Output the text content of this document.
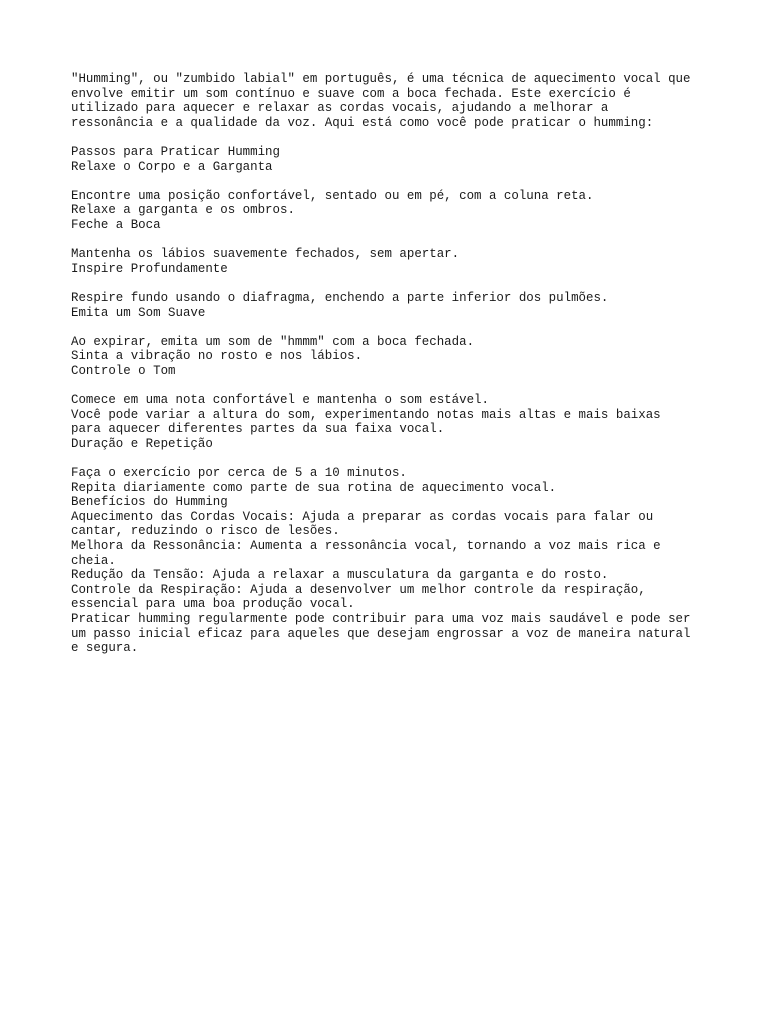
"Humming", ou "zumbido labial" em português, é uma técnica de aquecimento vocal que
envolve emitir um som contínuo e suave com a boca fechada. Este exercício é
utilizado para aquecer e relaxar as cordas vocais, ajudando a melhorar a
ressonância e a qualidade da voz. Aqui está como você pode praticar o humming:
Passos para Praticar Humming
Relaxe o Corpo e a Garganta
Encontre uma posição confortável, sentado ou em pé, com a coluna reta.
Relaxe a garganta e os ombros.
Feche a Boca
Mantenha os lábios suavemente fechados, sem apertar.
Inspire Profundamente
Respire fundo usando o diafragma, enchendo a parte inferior dos pulmões.
Emita um Som Suave
Ao expirar, emita um som de "hmmm" com a boca fechada.
Sinta a vibração no rosto e nos lábios.
Controle o Tom
Comece em uma nota confortável e mantenha o som estável.
Você pode variar a altura do som, experimentando notas mais altas e mais baixas
para aquecer diferentes partes da sua faixa vocal.
Duração e Repetição
Faça o exercício por cerca de 5 a 10 minutos.
Repita diariamente como parte de sua rotina de aquecimento vocal.
Benefícios do Humming
Aquecimento das Cordas Vocais: Ajuda a preparar as cordas vocais para falar ou
cantar, reduzindo o risco de lesões.
Melhora da Ressonância: Aumenta a ressonância vocal, tornando a voz mais rica e
cheia.
Redução da Tensão: Ajuda a relaxar a musculatura da garganta e do rosto.
Controle da Respiração: Ajuda a desenvolver um melhor controle da respiração,
essencial para uma boa produção vocal.
Praticar humming regularmente pode contribuir para uma voz mais saudável e pode ser
um passo inicial eficaz para aqueles que desejam engrossar a voz de maneira natural
e segura.
